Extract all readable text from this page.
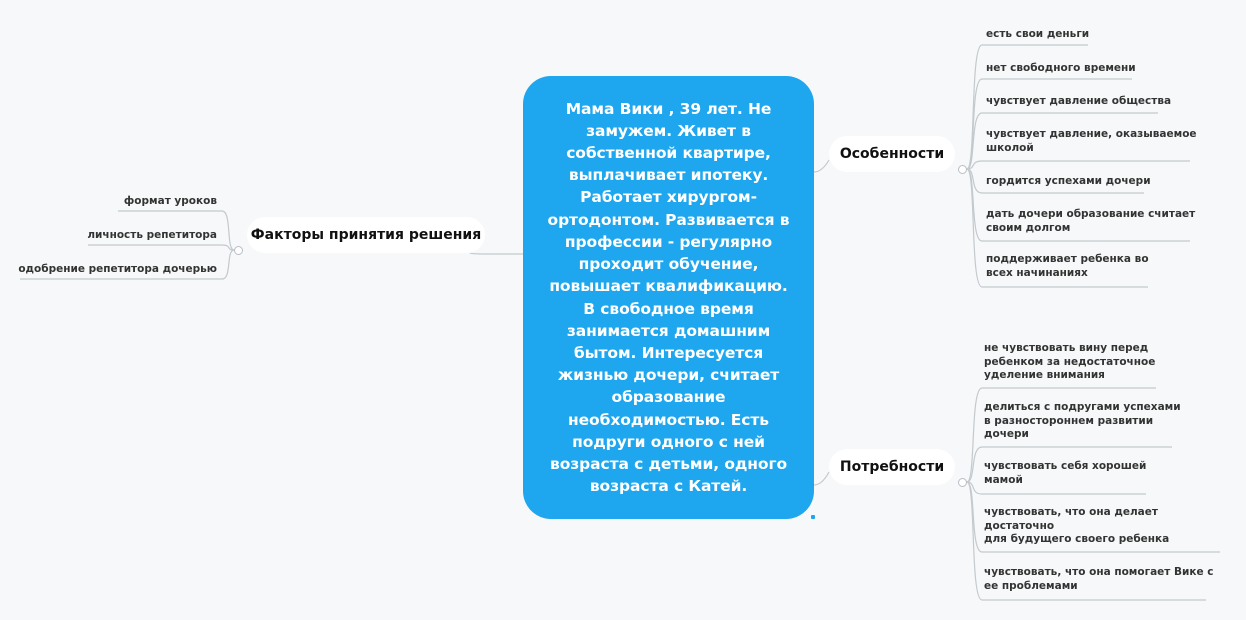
Мама Вики , 39 лет. Не замужем. Живет в собственной квартире, выплачивает ипотеку. Работает хирургом-ортодонтом. Развивается в профессии - регулярно проходит обучение, повышает квалификацию. В свободное время занимается домашним бытом. Интересуется жизнью дочери, считает образование необходимостью. Есть подруги одного с ней возраста с детьми, одного возраста с Катей.
Факторы принятия решения
Особенности
Потребности
формат уроков
личность репетитора
одобрение репетитора дочерью
есть свои деньги
нет свободного времени
чувствует давление общества
чувствует давление, оказываемое
школой
гордится успехами дочери
дать дочери образование считает
своим долгом
поддерживает ребенка во
всех начинаниях
не чувствовать вину перед
ребенком за недостаточное
уделение внимания
делиться с подругами успехами
в разностороннем развитии
дочери
чувствовать себя хорошей
мамой
чувствовать, что она делает
достаточно
для будущего своего ребенка
чувствовать, что она помогает Вике с
ее проблемами
